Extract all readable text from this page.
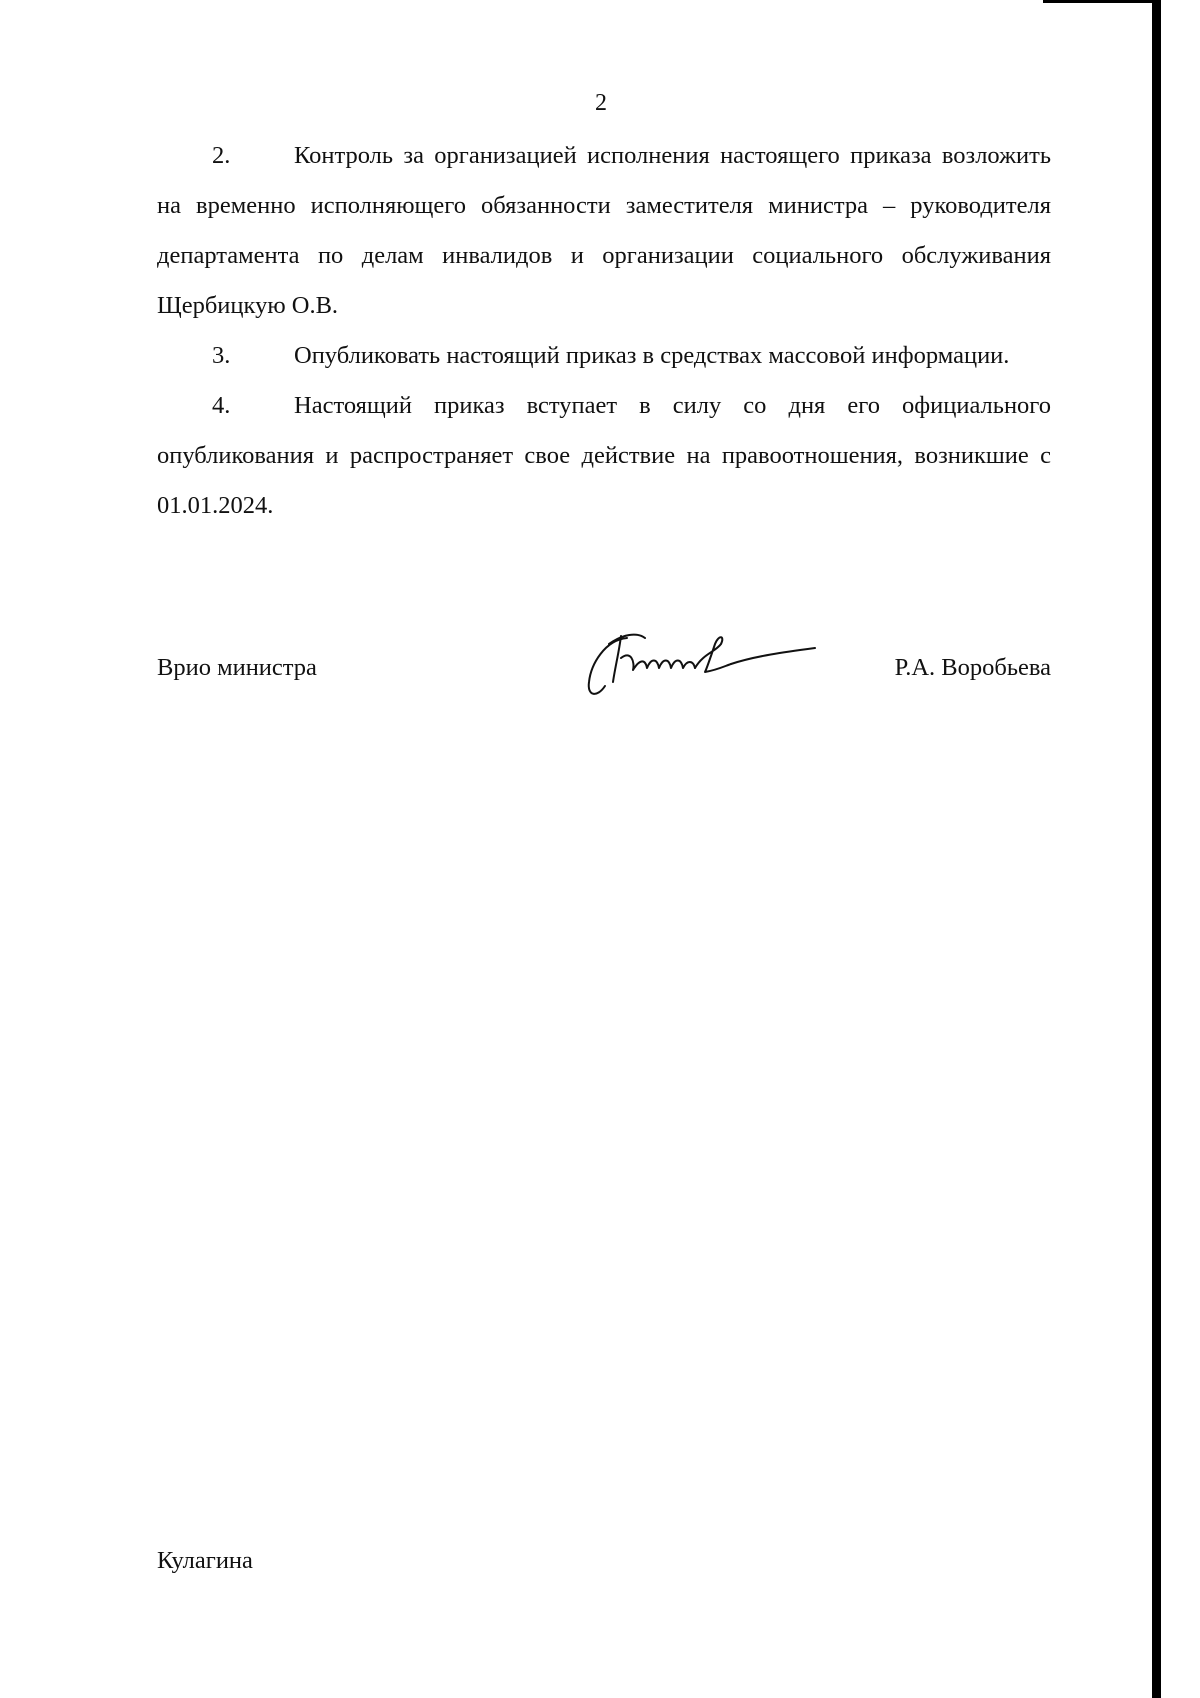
2

2.	Контроль за организацией исполнения настоящего приказа возложить на временно исполняющего обязанности заместителя министра – руководителя департамента по делам инвалидов и организации социального обслуживания Щербицкую О.В.

3.	Опубликовать настоящий приказ в средствах массовой информации.

4.	Настоящий приказ вступает в силу со дня его официального опубликования и распространяет свое действие на правоотношения, возникшие с 01.01.2024.

Врио министра	Р.А. Воробьева
Кулагина
